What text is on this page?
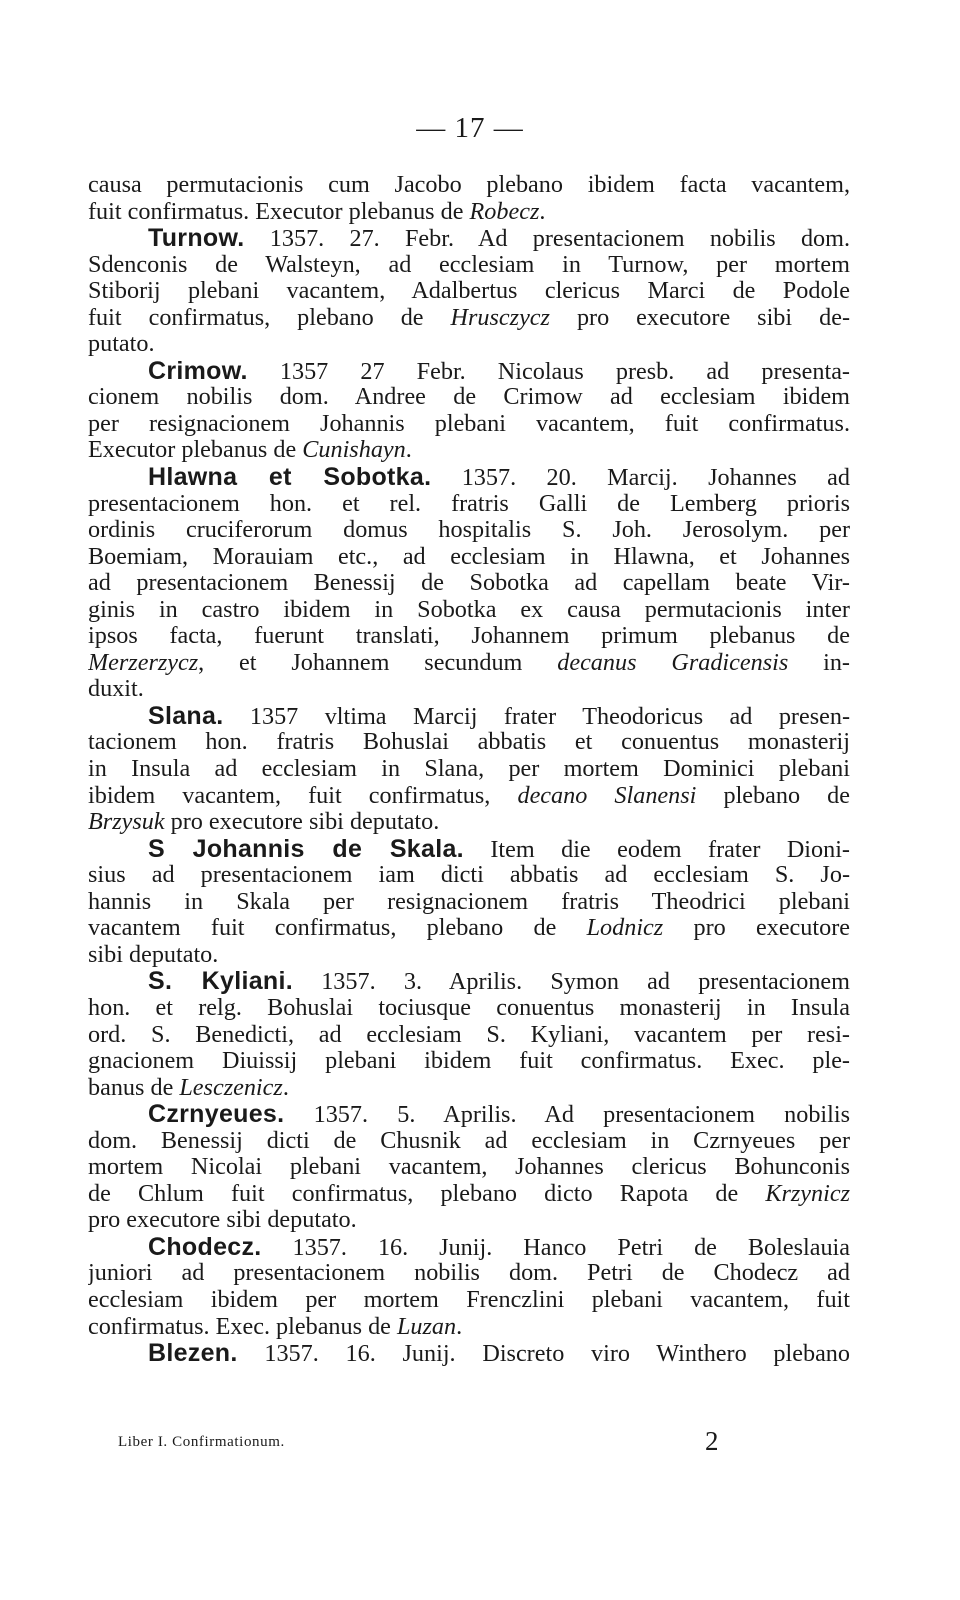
— 17 —
causa permutacionis cum Jacobo plebano ibidem facta vacantem,
fuit confirmatus. Executor plebanus de Robecz.
Turnow. 1357. 27. Febr. Ad presentacionem nobilis dom.
Sdenconis de Walsteyn, ad ecclesiam in Turnow, per mortem
Stiborij plebani vacantem, Adalbertus clericus Marci de Podole
fuit confirmatus, plebano de Hrusczycz pro executore sibi de-
putato.
Crimow. 1357 27 Febr. Nicolaus presb. ad presenta-
cionem nobilis dom. Andree de Crimow ad ecclesiam ibidem
per resignacionem Johannis plebani vacantem, fuit confirmatus.
Executor plebanus de Cunishayn.
Hlawna et Sobotka. 1357. 20. Marcij. Johannes ad
presentacionem hon. et rel. fratris Galli de Lemberg prioris
ordinis cruciferorum domus hospitalis S. Joh. Jerosolym. per
Boemiam, Morauiam etc., ad ecclesiam in Hlawna, et Johannes
ad presentacionem Benessij de Sobotka ad capellam beate Vir-
ginis in castro ibidem in Sobotka ex causa permutacionis inter
ipsos facta, fuerunt translati, Johannem primum plebanus de
Merzerzycz, et Johannem secundum decanus Gradicensis in-
duxit.
Slana. 1357 vltima Marcij frater Theodoricus ad presen-
tacionem hon. fratris Bohuslai abbatis et conuentus monasterij
in Insula ad ecclesiam in Slana, per mortem Dominici plebani
ibidem vacantem, fuit confirmatus, decano Slanensi plebano de
Brzysuk pro executore sibi deputato.
S Johannis de Skala. Item die eodem frater Dioni-
sius ad presentacionem iam dicti abbatis ad ecclesiam S. Jo-
hannis in Skala per resignacionem fratris Theodrici plebani
vacantem fuit confirmatus, plebano de Lodnicz pro executore
sibi deputato.
S. Kyliani. 1357. 3. Aprilis. Symon ad presentacionem
hon. et relg. Bohuslai tociusque conuentus monasterij in Insula
ord. S. Benedicti, ad ecclesiam S. Kyliani, vacantem per resi-
gnacionem Diuissij plebani ibidem fuit confirmatus. Exec. ple-
banus de Lesczenicz.
Czrnyeues. 1357. 5. Aprilis. Ad presentacionem nobilis
dom. Benessij dicti de Chusnik ad ecclesiam in Czrnyeues per
mortem Nicolai plebani vacantem, Johannes clericus Bohunconis
de Chlum fuit confirmatus, plebano dicto Rapota de Krzynicz
pro executore sibi deputato.
Chodecz. 1357. 16. Junij. Hanco Petri de Boleslauia
juniori ad presentacionem nobilis dom. Petri de Chodecz ad
ecclesiam ibidem per mortem Frenczlini plebani vacantem, fuit
confirmatus. Exec. plebanus de Luzan.
Blezen. 1357. 16. Junij. Discreto viro Winthero plebano
Liber I. Confirmationum.	2
